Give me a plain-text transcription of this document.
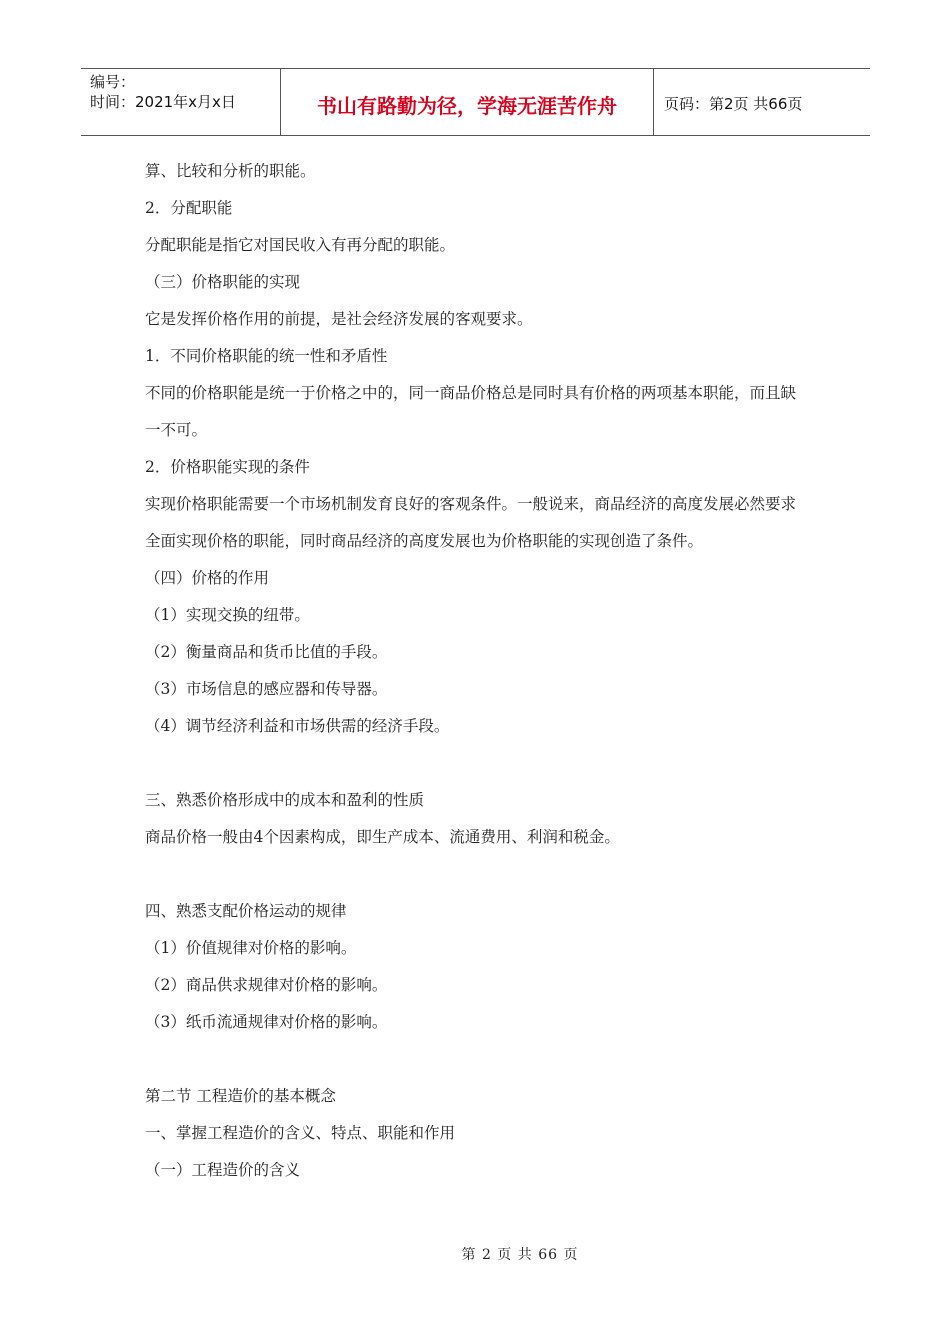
编号：
时间：2021年x月x日	书山有路勤为径，学海无涯苦作舟	页码：第2页 共66页

算、比较和分析的职能。

2．分配职能

分配职能是指它对国民收入有再分配的职能。

（三）价格职能的实现

它是发挥价格作用的前提，是社会经济发展的客观要求。

1．不同价格职能的统一性和矛盾性

不同的价格职能是统一于价格之中的，同一商品价格总是同时具有价格的两项基本职能，而且缺一不可。

2．价格职能实现的条件

实现价格职能需要一个市场机制发育良好的客观条件。一般说来，商品经济的高度发展必然要求全面实现价格的职能，同时商品经济的高度发展也为价格职能的实现创造了条件。

（四）价格的作用

（1）实现交换的纽带。

（2）衡量商品和货币比值的手段。

（3）市场信息的感应器和传导器。

（4）调节经济利益和市场供需的经济手段。

三、熟悉价格形成中的成本和盈利的性质

商品价格一般由4个因素构成，即生产成本、流通费用、利润和税金。

四、熟悉支配价格运动的规律

（1）价值规律对价格的影响。

（2）商品供求规律对价格的影响。

（3）纸币流通规律对价格的影响。

第二节 工程造价的基本概念

一、掌握工程造价的含义、特点、职能和作用

（一）工程造价的含义

第 2 页 共 66 页
